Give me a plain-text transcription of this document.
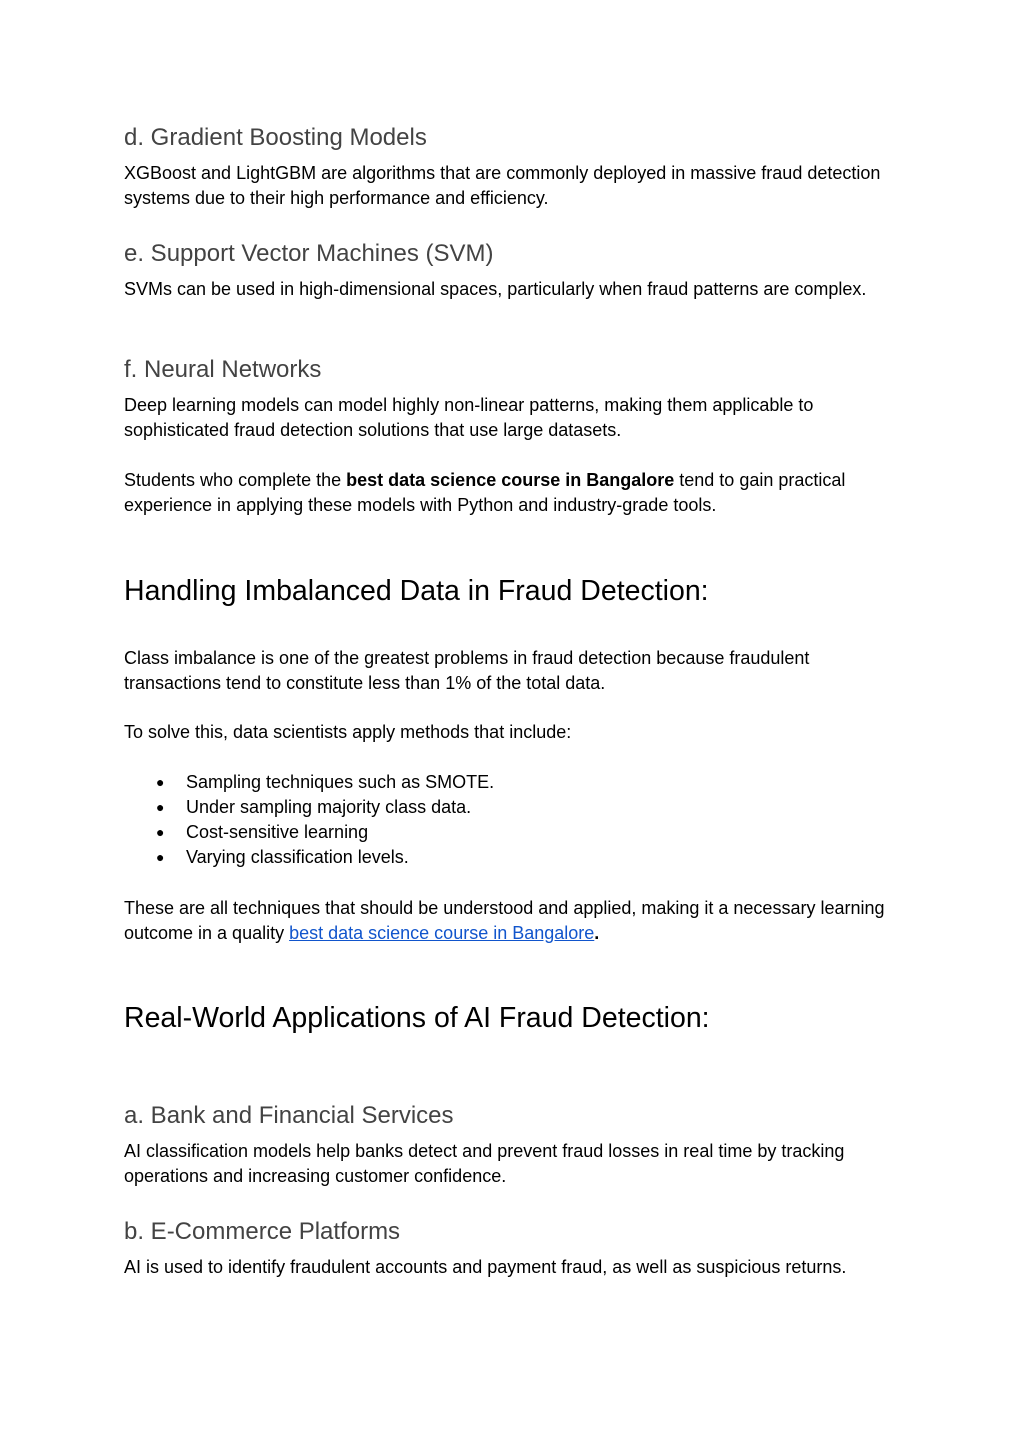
d. Gradient Boosting Models
XGBoost and LightGBM are algorithms that are commonly deployed in massive fraud detection systems due to their high performance and efficiency.
e. Support Vector Machines (SVM)
SVMs can be used in high-dimensional spaces, particularly when fraud patterns are complex.
f. Neural Networks
Deep learning models can model highly non-linear patterns, making them applicable to sophisticated fraud detection solutions that use large datasets.
Students who complete the best data science course in Bangalore tend to gain practical experience in applying these models with Python and industry-grade tools.
Handling Imbalanced Data in Fraud Detection:
Class imbalance is one of the greatest problems in fraud detection because fraudulent transactions tend to constitute less than 1% of the total data.
To solve this, data scientists apply methods that include:
● Sampling techniques such as SMOTE.
● Under sampling majority class data.
● Cost-sensitive learning
● Varying classification levels.
These are all techniques that should be understood and applied, making it a necessary learning outcome in a quality best data science course in Bangalore.
Real-World Applications of AI Fraud Detection:
a. Bank and Financial Services
AI classification models help banks detect and prevent fraud losses in real time by tracking operations and increasing customer confidence.
b. E-Commerce Platforms
AI is used to identify fraudulent accounts and payment fraud, as well as suspicious returns.
